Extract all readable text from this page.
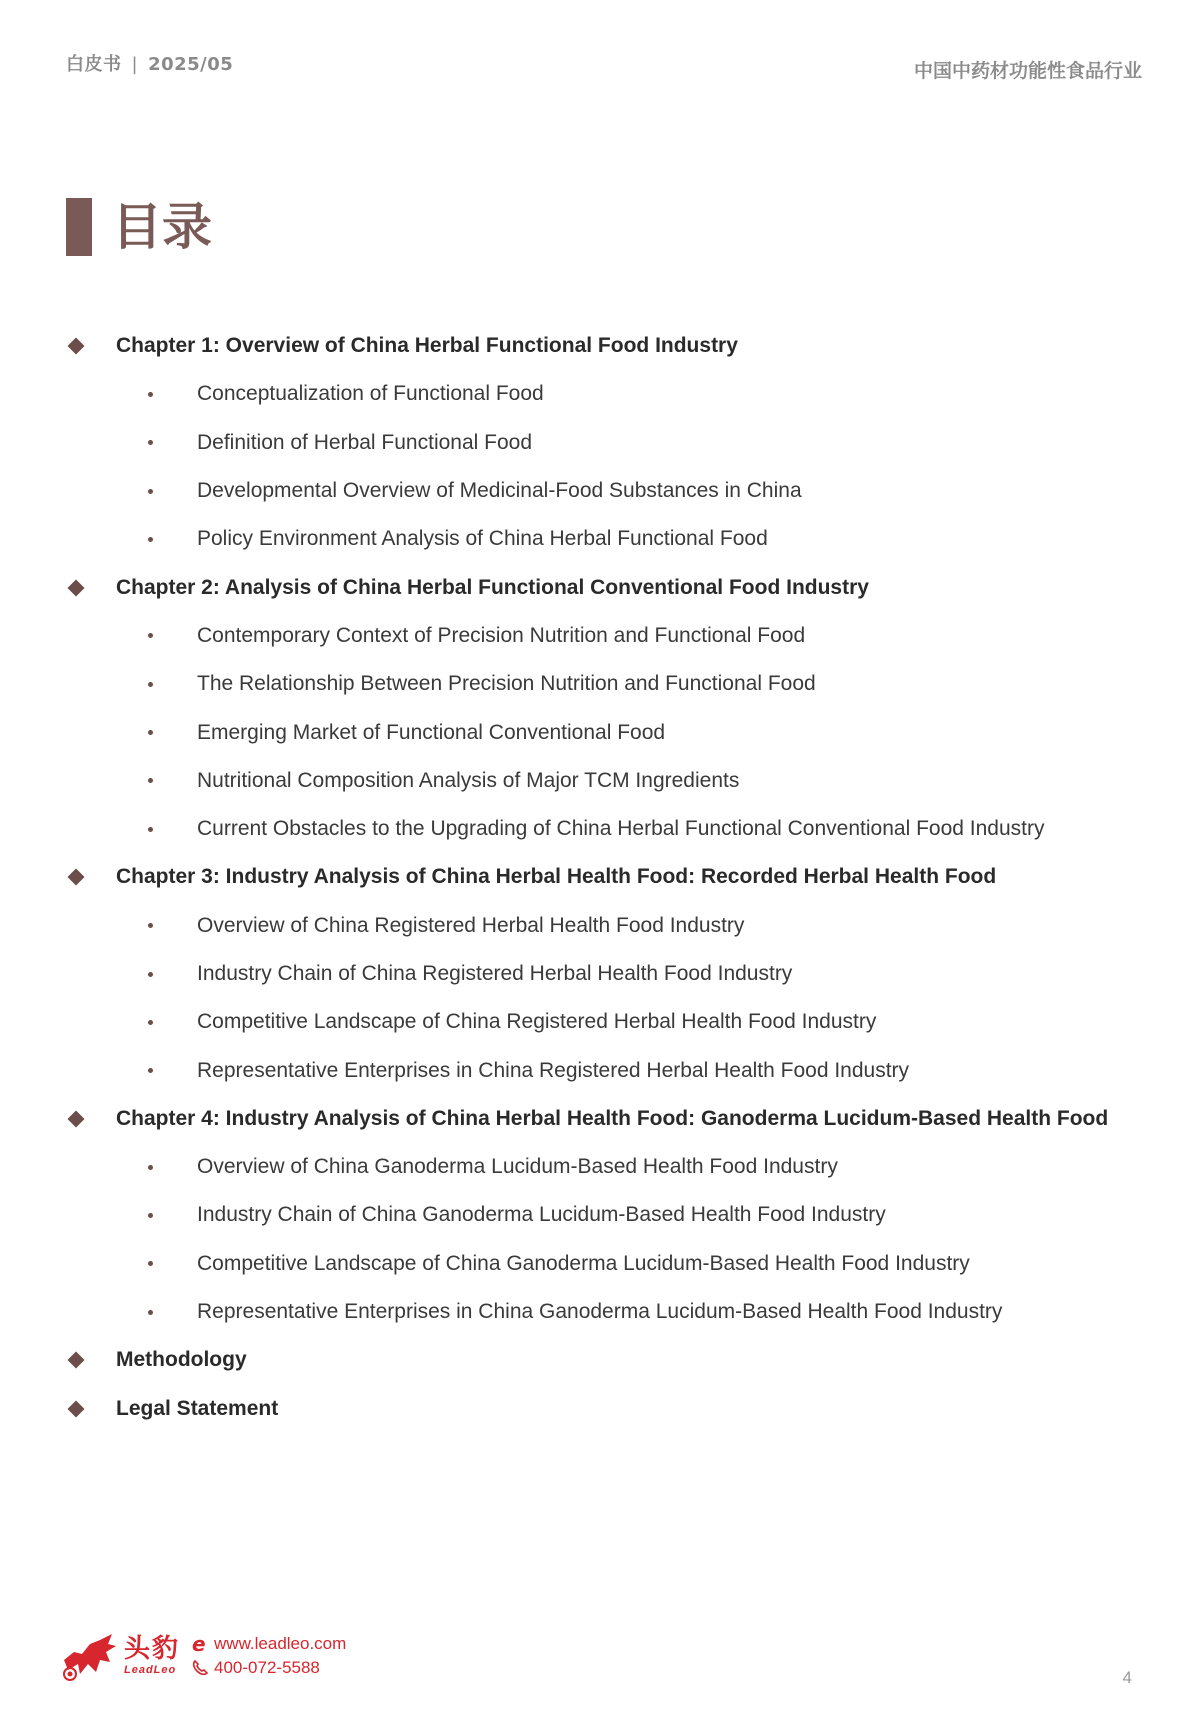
白皮书 | 2025/05	中国中药材功能性食品行业
目录
Chapter 1: Overview of China Herbal Functional Food Industry
Conceptualization of Functional Food
Definition of Herbal Functional Food
Developmental Overview of Medicinal-Food Substances in China
Policy Environment Analysis of China Herbal Functional Food
Chapter 2: Analysis of China Herbal Functional Conventional Food Industry
Contemporary Context of Precision Nutrition and Functional Food
The Relationship Between Precision Nutrition and Functional Food
Emerging Market of Functional Conventional Food
Nutritional Composition Analysis of Major TCM Ingredients
Current Obstacles to the Upgrading of China Herbal Functional Conventional Food Industry
Chapter 3: Industry Analysis of China Herbal Health Food: Recorded Herbal Health Food
Overview of China Registered Herbal Health Food Industry
Industry Chain of China Registered Herbal Health Food Industry
Competitive Landscape of China Registered Herbal Health Food Industry
Representative Enterprises in China Registered Herbal Health Food Industry
Chapter 4: Industry Analysis of China Herbal Health Food: Ganoderma Lucidum-Based Health Food
Overview of China Ganoderma Lucidum-Based Health Food Industry
Industry Chain of China Ganoderma Lucidum-Based Health Food Industry
Competitive Landscape of China Ganoderma Lucidum-Based Health Food Industry
Representative Enterprises in China Ganoderma Lucidum-Based Health Food Industry
Methodology
Legal Statement
头豹
LeadLeo
e www.leadleo.com
400-072-5588
4
